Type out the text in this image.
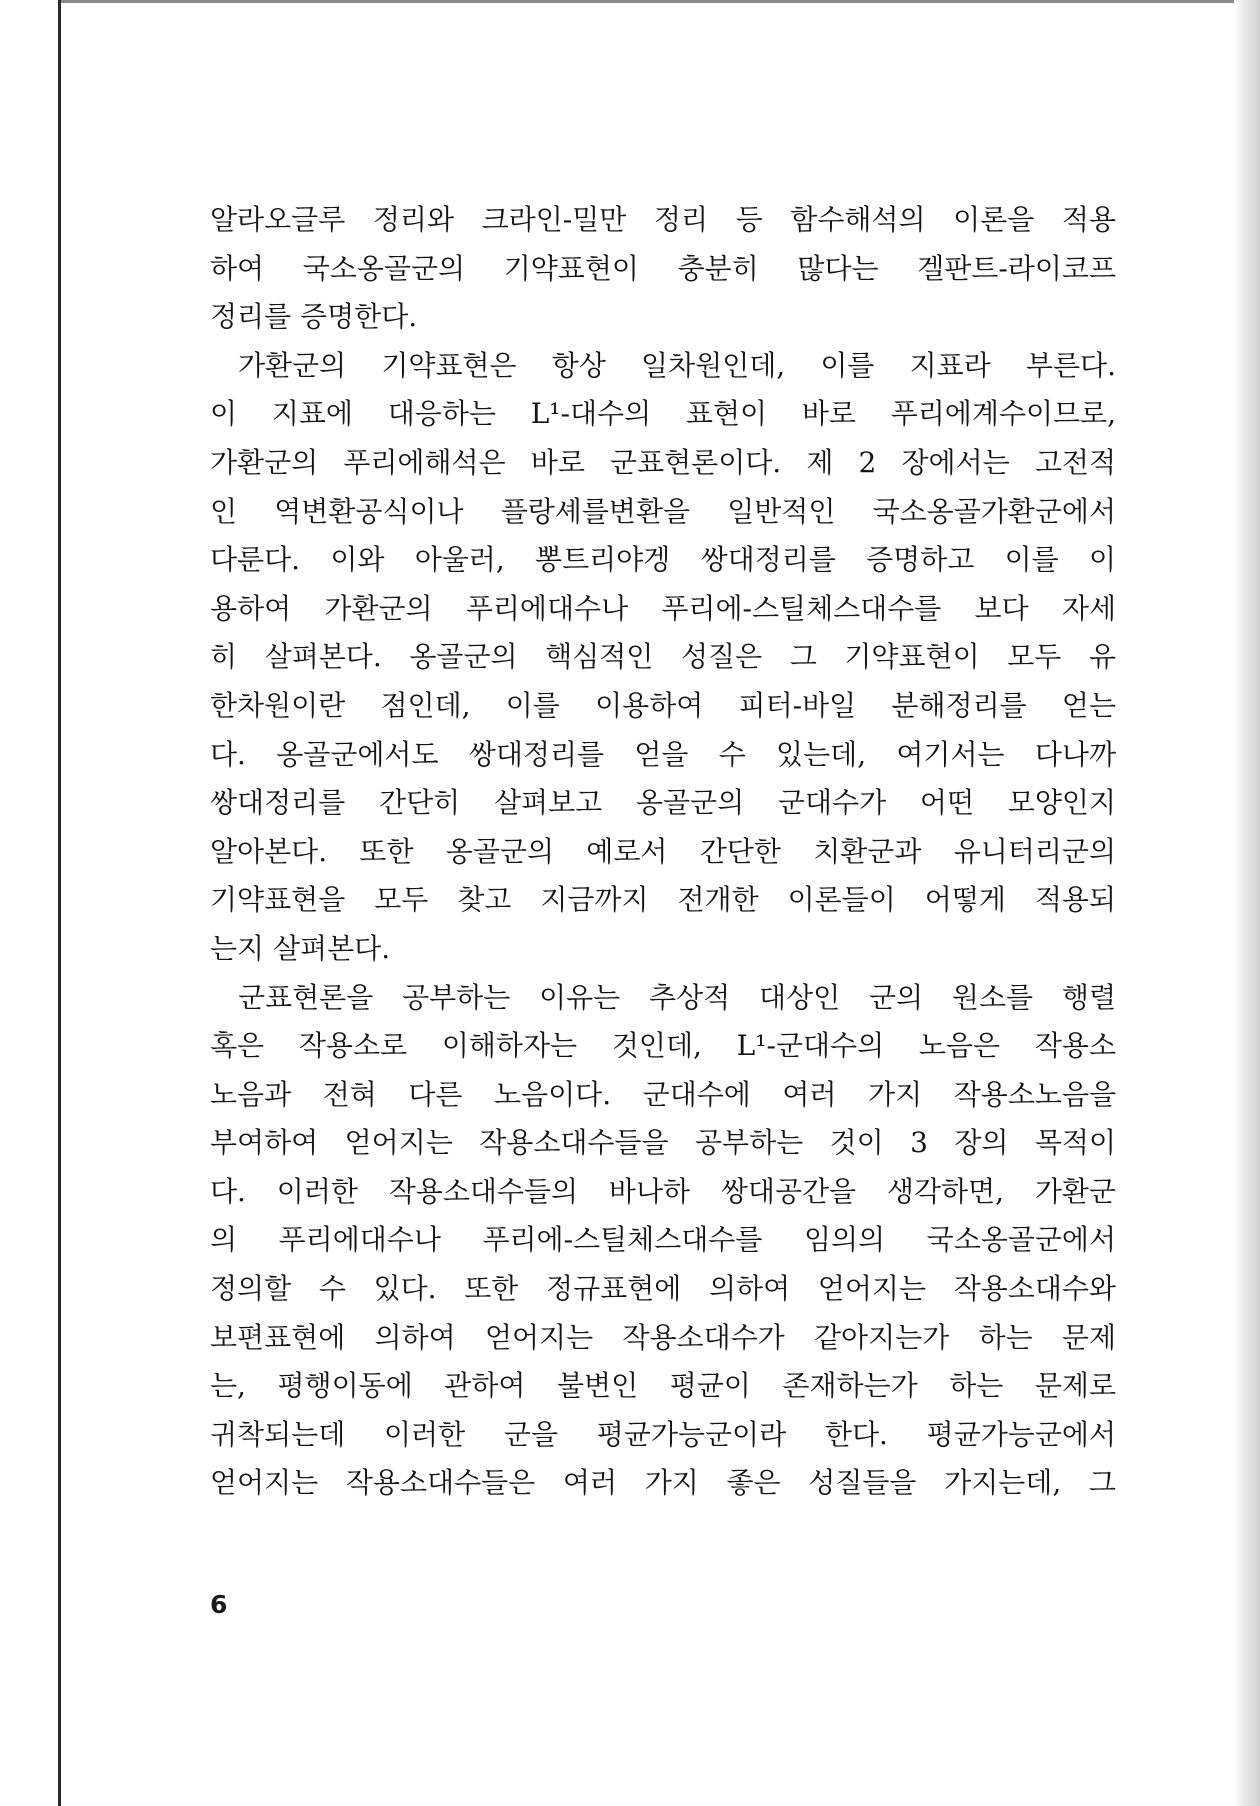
알라오글루 정리와 크라인-밀만 정리 등 함수해석의 이론을 적용
하여 국소옹골군의 기약표현이 충분히 많다는 겔판트-라이코프
정리를 증명한다.
가환군의 기약표현은 항상 일차원인데, 이를 지표라 부른다.
이 지표에 대응하는 L¹-대수의 표현이 바로 푸리에계수이므로,
가환군의 푸리에해석은 바로 군표현론이다. 제 2 장에서는 고전적
인 역변환공식이나 플랑셰를변환을 일반적인 국소옹골가환군에서
다룬다. 이와 아울러, 뽕트리야겡 쌍대정리를 증명하고 이를 이
용하여 가환군의 푸리에대수나 푸리에-스틸체스대수를 보다 자세
히 살펴본다. 옹골군의 핵심적인 성질은 그 기약표현이 모두 유
한차원이란 점인데, 이를 이용하여 피터-바일 분해정리를 얻는
다. 옹골군에서도 쌍대정리를 얻을 수 있는데, 여기서는 다나까
쌍대정리를 간단히 살펴보고 옹골군의 군대수가 어떤 모양인지
알아본다. 또한 옹골군의 예로서 간단한 치환군과 유니터리군의
기약표현을 모두 찾고 지금까지 전개한 이론들이 어떻게 적용되
는지 살펴본다.
군표현론을 공부하는 이유는 추상적 대상인 군의 원소를 행렬
혹은 작용소로 이해하자는 것인데, L¹-군대수의 노음은 작용소
노음과 전혀 다른 노음이다. 군대수에 여러 가지 작용소노음을
부여하여 얻어지는 작용소대수들을 공부하는 것이 3 장의 목적이
다. 이러한 작용소대수들의 바나하 쌍대공간을 생각하면, 가환군
의 푸리에대수나 푸리에-스틸체스대수를 임의의 국소옹골군에서
정의할 수 있다. 또한 정규표현에 의하여 얻어지는 작용소대수와
보편표현에 의하여 얻어지는 작용소대수가 같아지는가 하는 문제
는, 평행이동에 관하여 불변인 평균이 존재하는가 하는 문제로
귀착되는데 이러한 군을 평균가능군이라 한다. 평균가능군에서
얻어지는 작용소대수들은 여러 가지 좋은 성질들을 가지는데, 그
6
